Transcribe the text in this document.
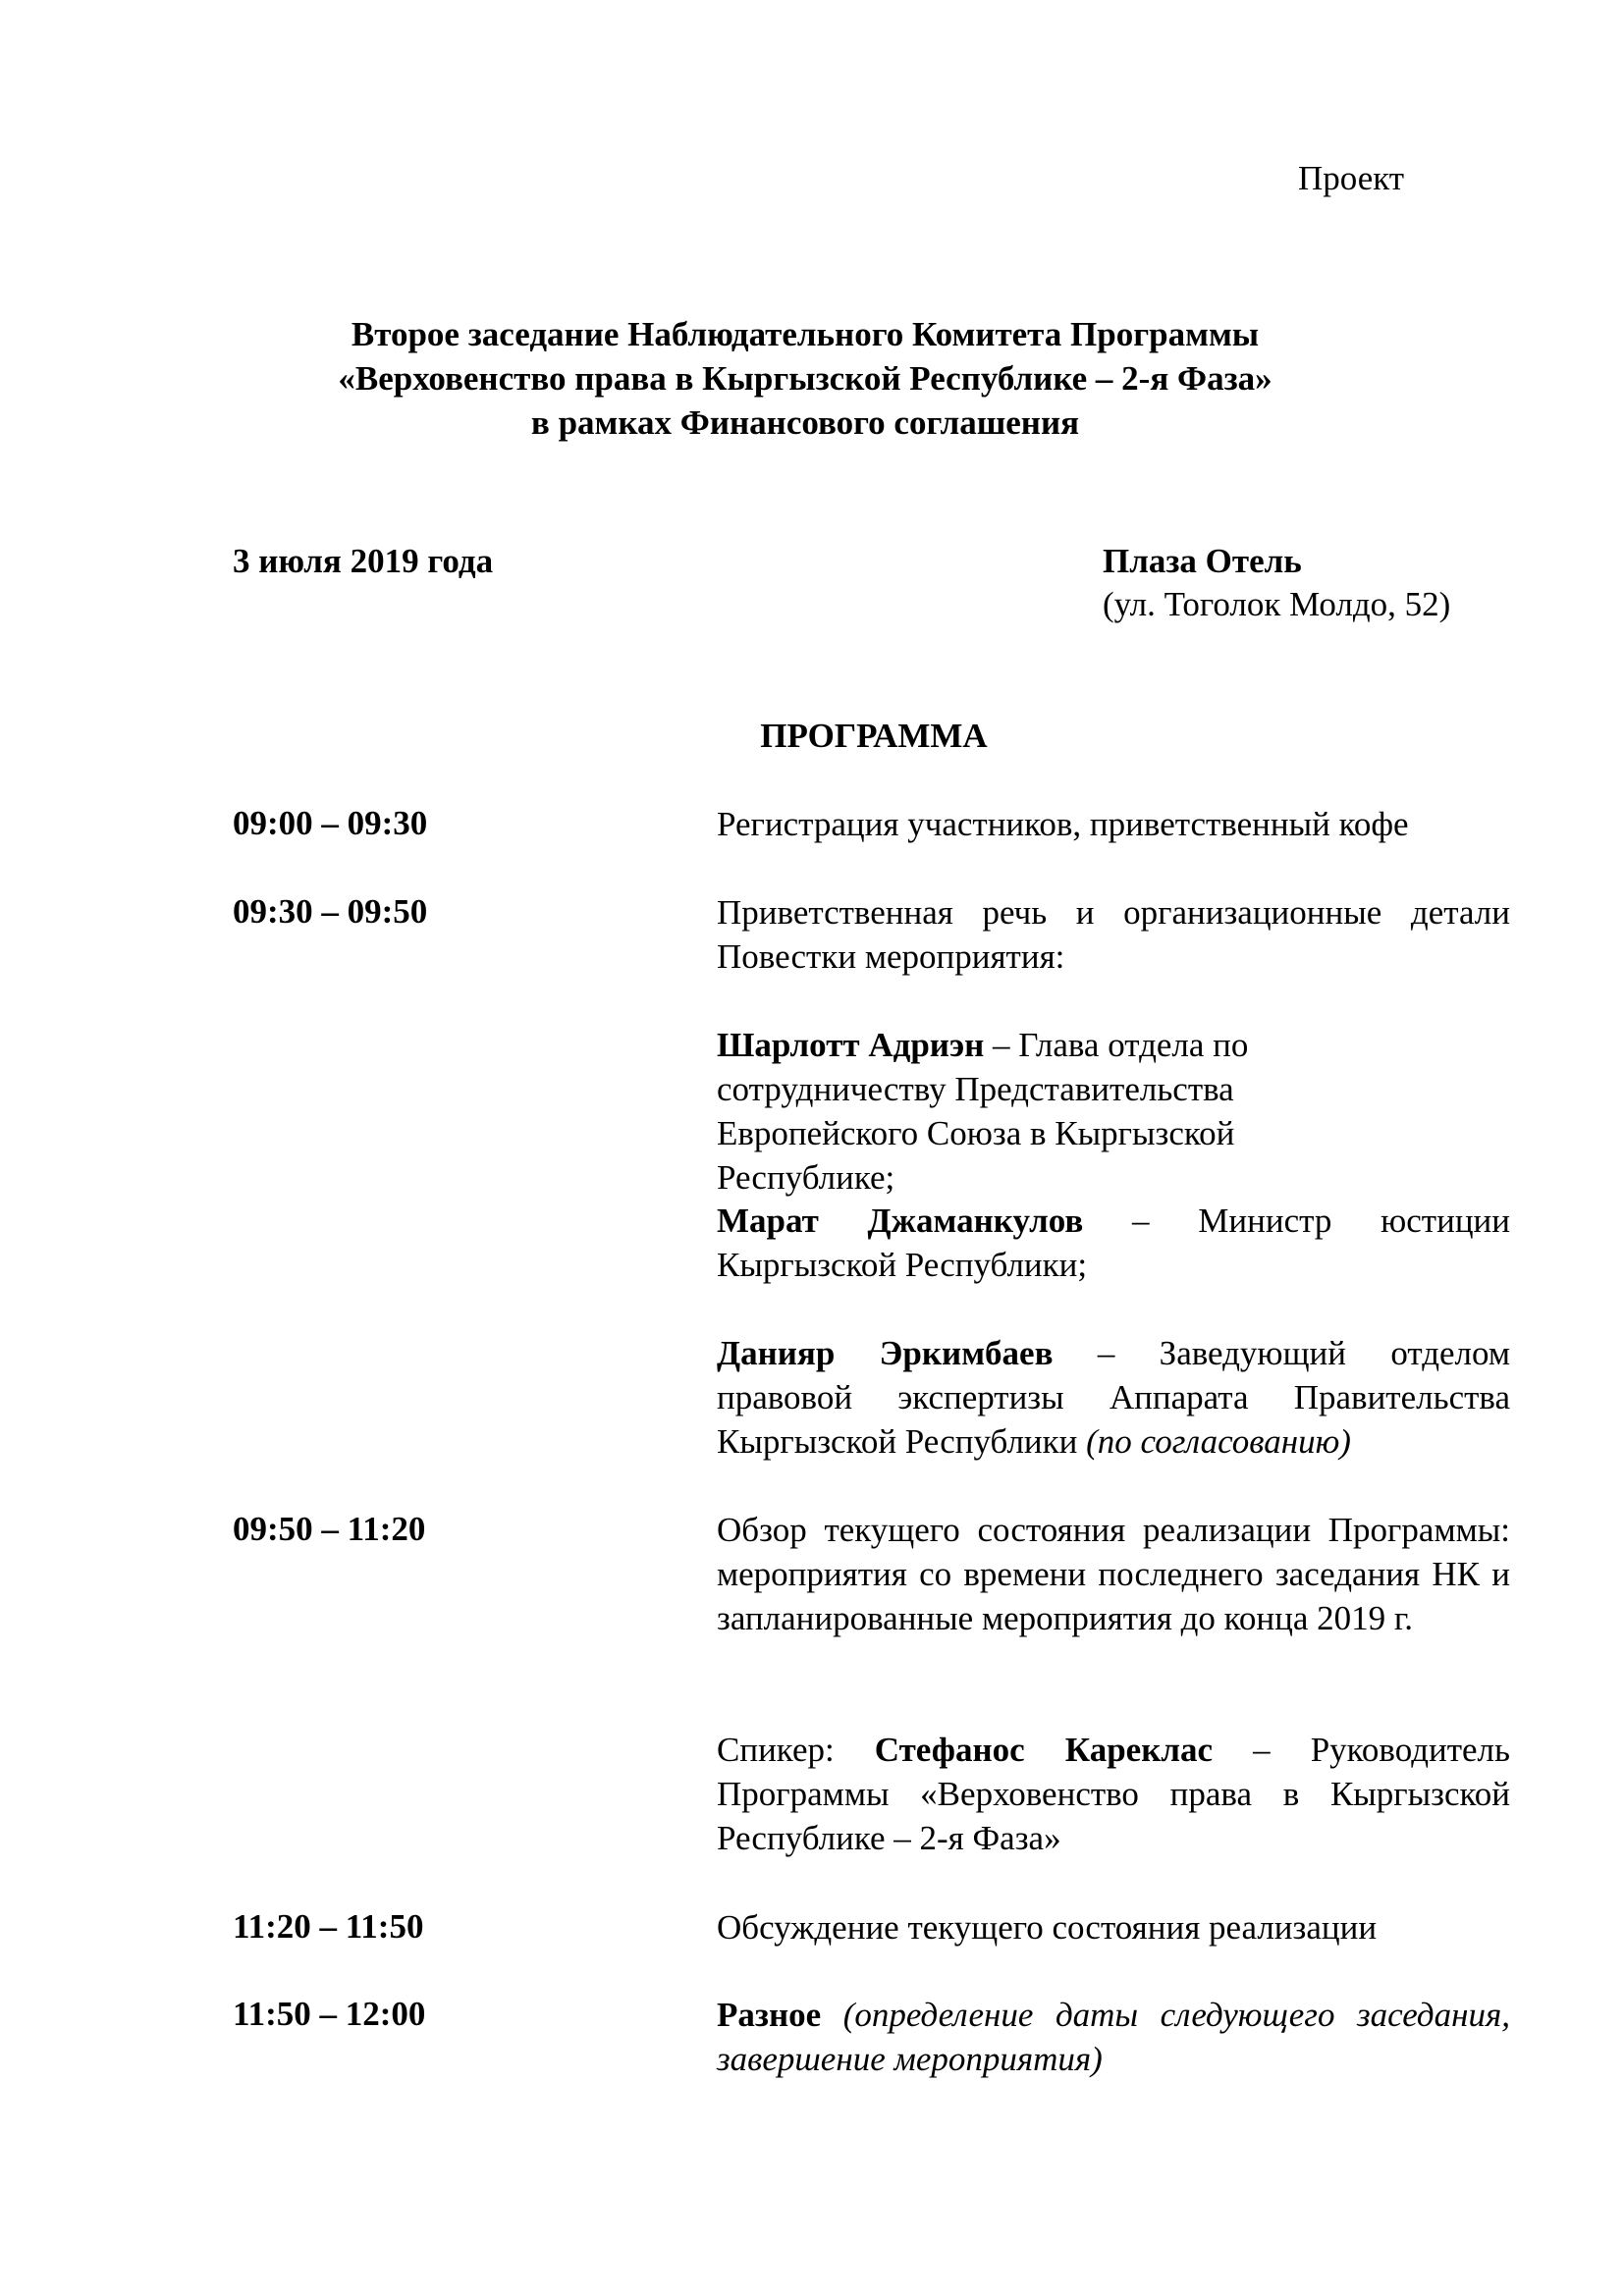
Проект
Второе заседание Наблюдательного Комитета Программы
«Верховенство права в Кыргызской Республике – 2-я Фаза»
в рамках Финансового соглашения
3 июля 2019 года	Плаза Отель
(ул. Тоголок Молдо, 52)
ПРОГРАММА
09:00 – 09:30	Регистрация участников, приветственный кофе
09:30 – 09:50	Приветственная речь и организационные детали Повестки мероприятия:
Шарлотт Адриэн – Глава отдела по сотрудничеству Представительства Европейского Союза в Кыргызской Республике;
Марат Джаманкулов – Министр юстиции Кыргызской Республики;
Данияр Эркимбаев – Заведующий отделом правовой экспертизы Аппарата Правительства Кыргызской Республики (по согласованию)
09:50 – 11:20	Обзор текущего состояния реализации Программы: мероприятия со времени последнего заседания НК и запланированные мероприятия до конца 2019 г.
Спикер: Стефанос Кареклас – Руководитель Программы «Верховенство права в Кыргызской Республике – 2-я Фаза»
11:20 – 11:50	Обсуждение текущего состояния реализации
11:50 – 12:00	Разное (определение даты следующего заседания, завершение мероприятия)
